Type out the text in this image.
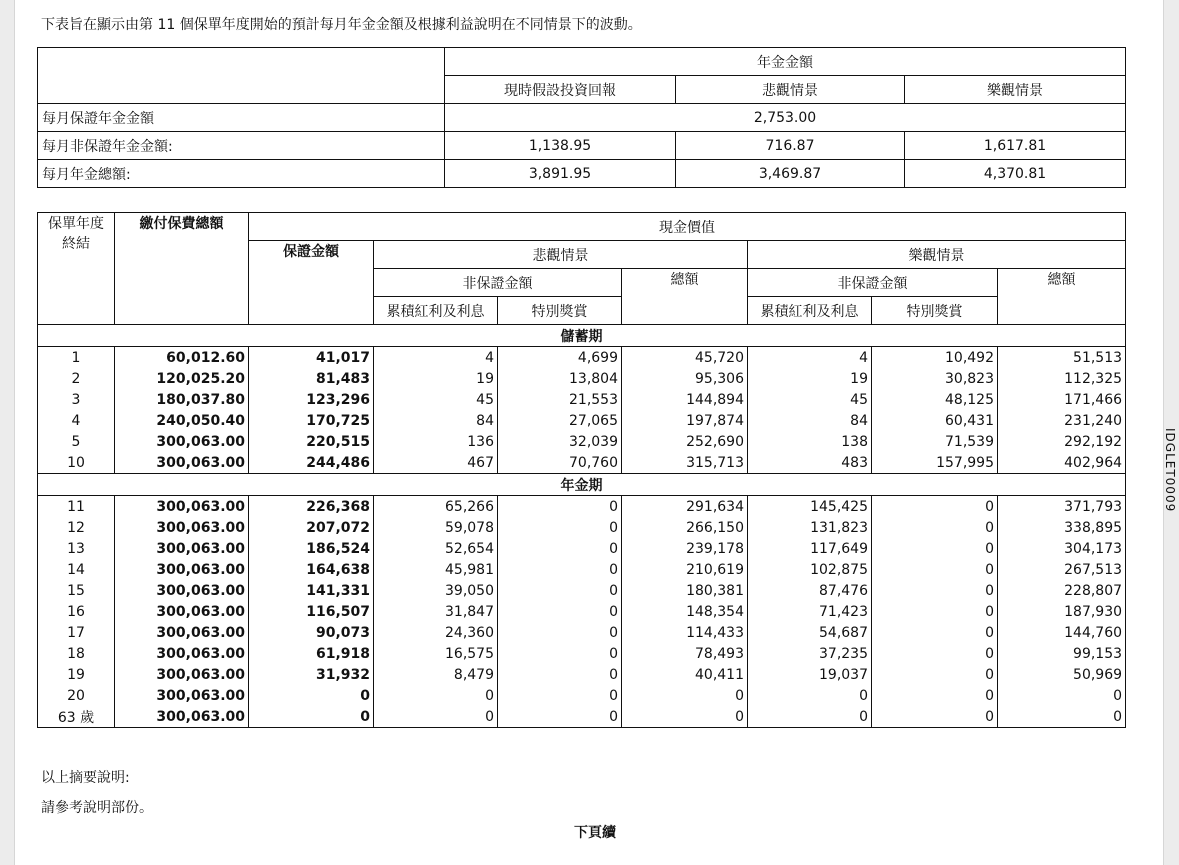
下表旨在顯示由第 11 個保單年度開始的預計每月年金金額及根據利益說明在不同情景下的波動。
	年金金額		
	現時假設投資回報	悲觀情景	樂觀情景
每月保證年金金額	2,753.00		
每月非保證年金金額:	1,138.95	716.87	1,617.81
每月年金總額:	3,891.95	3,469.87	4,370.81
保單年度終結	繳付保費總額	現金價值						
		保證金額	悲觀情景			樂觀情景		
			非保證金額		總額	非保證金額		總額
			累積紅利及利息	特別獎賞		累積紅利及利息	特別獎賞	
儲蓄期								
1	60,012.60	41,017	4	4,699	45,720	4	10,492	51,513
2	120,025.20	81,483	19	13,804	95,306	19	30,823	112,325
3	180,037.80	123,296	45	21,553	144,894	45	48,125	171,466
4	240,050.40	170,725	84	27,065	197,874	84	60,431	231,240
5	300,063.00	220,515	136	32,039	252,690	138	71,539	292,192
10	300,063.00	244,486	467	70,760	315,713	483	157,995	402,964
年金期								
11	300,063.00	226,368	65,266	0	291,634	145,425	0	371,793
12	300,063.00	207,072	59,078	0	266,150	131,823	0	338,895
13	300,063.00	186,524	52,654	0	239,178	117,649	0	304,173
14	300,063.00	164,638	45,981	0	210,619	102,875	0	267,513
15	300,063.00	141,331	39,050	0	180,381	87,476	0	228,807
16	300,063.00	116,507	31,847	0	148,354	71,423	0	187,930
17	300,063.00	90,073	24,360	0	114,433	54,687	0	144,760
18	300,063.00	61,918	16,575	0	78,493	37,235	0	99,153
19	300,063.00	31,932	8,479	0	40,411	19,037	0	50,969
20	300,063.00	0	0	0	0	0	0	0
63 歲	300,063.00	0	0	0	0	0	0	0
IDGLET0009
以上摘要說明:
請參考說明部份。
下頁續
